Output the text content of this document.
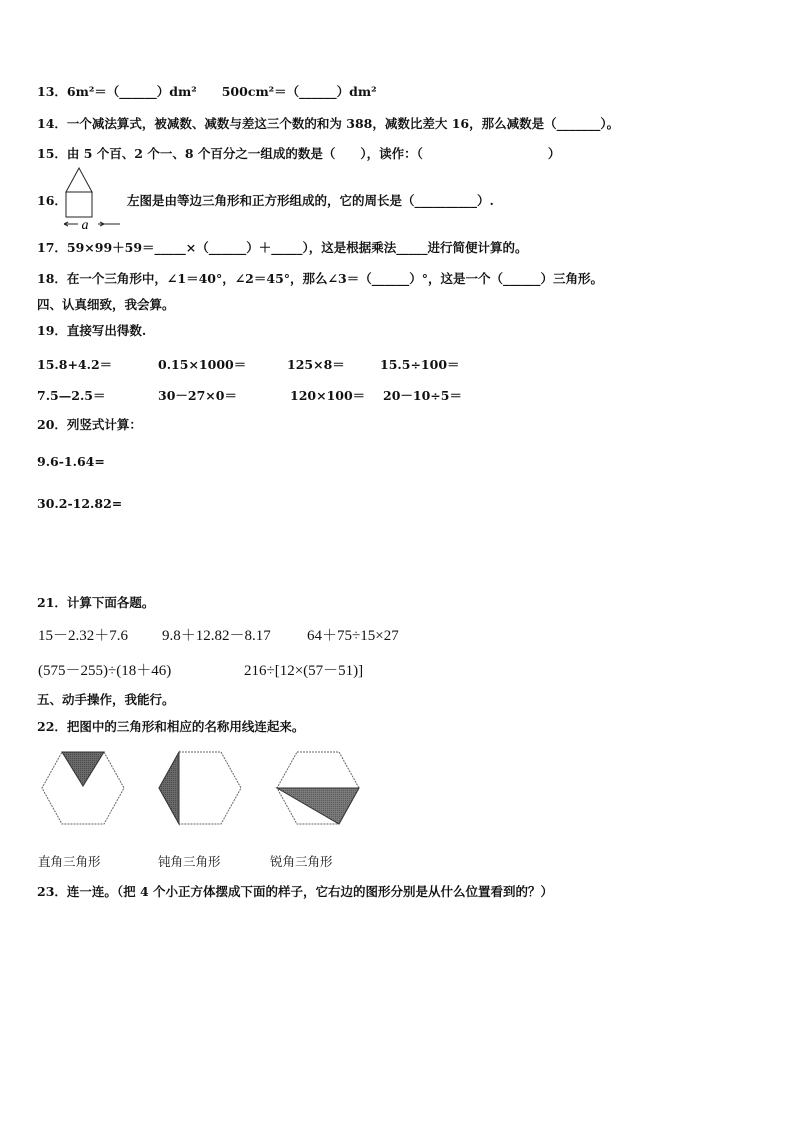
13．6m²＝（______）dm²　　500cm²＝（______）dm²
14．一个减法算式，被减数、减数与差这三个数的和为 388，减数比差大 16，那么减数是（_______）。
15．由 5 个百、2 个一、8 个百分之一组成的数是（　　），读作：（　　　　　　　　　　）
16．
a
左图是由等边三角形和正方形组成的，它的周长是（__________）.
17．59×99＋59＝_____×（______）＋_____），这是根据乘法_____进行简便计算的。
18．在一个三角形中，∠1＝40°，∠2＝45°，那么∠3＝（______）°，这是一个（______）三角形。
四、认真细致，我会算。
19．直接写出得数.
15.8+4.2＝	0.15×1000＝	125×8＝	15.5÷100＝
7.5—2.5＝	30－27×0＝	120×100＝ 20－10÷5＝
20．列竖式计算：
9.6-1.64=
30.2-12.82=
21．计算下面各题。
15－2.32＋7.6 9.8＋12.82－8.17 64＋75÷15×27
(575－255)÷(18＋46)	216÷[12×(57－51)]
五、动手操作，我能行。
22．把图中的三角形和相应的名称用线连起来。
直角三角形	钝角三角形	锐角三角形
23．连一连。（把 4 个小正方体摆成下面的样子，它右边的图形分别是从什么位置看到的？）
